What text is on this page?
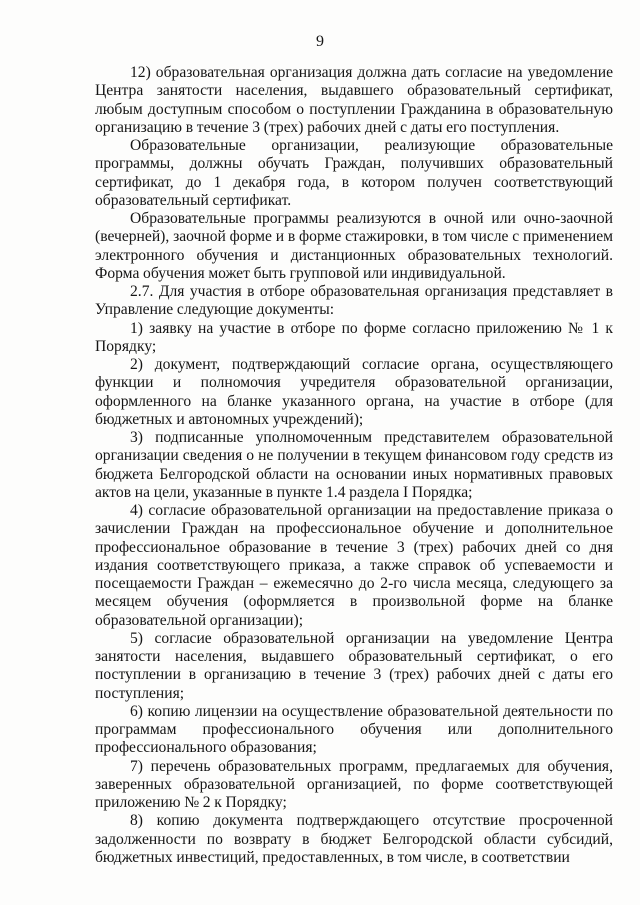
9

12) образовательная организация должна дать согласие на уведомление Центра занятости населения, выдавшего образовательный сертификат, любым доступным способом о поступлении Гражданина в образовательную организацию в течение 3 (трех) рабочих дней с даты его поступления.

Образовательные организации, реализующие образовательные программы, должны обучать Граждан, получивших образовательный сертификат, до 1 декабря года, в котором получен соответствующий образовательный сертификат.

Образовательные программы реализуются в очной или очно-заочной (вечерней), заочной форме и в форме стажировки, в том числе с применением электронного обучения и дистанционных образовательных технологий. Форма обучения может быть групповой или индивидуальной.

2.7. Для участия в отборе образовательная организация представляет в Управление следующие документы:

1) заявку на участие в отборе по форме согласно приложению № 1 к Порядку;

2) документ, подтверждающий согласие органа, осуществляющего функции и полномочия учредителя образовательной организации, оформленного на бланке указанного органа, на участие в отборе (для бюджетных и автономных учреждений);

3) подписанные уполномоченным представителем образовательной организации сведения о не получении в текущем финансовом году средств из бюджета Белгородской области на основании иных нормативных правовых актов на цели, указанные в пункте 1.4 раздела I Порядка;

4) согласие образовательной организации на предоставление приказа о зачислении Граждан на профессиональное обучение и дополнительное профессиональное образование в течение 3 (трех) рабочих дней со дня издания соответствующего приказа, а также справок об успеваемости и посещаемости Граждан – ежемесячно до 2-го числа месяца, следующего за месяцем обучения (оформляется в произвольной форме на бланке образовательной организации);

5) согласие образовательной организации на уведомление Центра занятости населения, выдавшего образовательный сертификат, о его поступлении в организацию в течение 3 (трех) рабочих дней с даты его поступления;

6) копию лицензии на осуществление образовательной деятельности по программам профессионального обучения или дополнительного профессионального образования;

7) перечень образовательных программ, предлагаемых для обучения, заверенных образовательной организацией, по форме соответствующей приложению № 2 к Порядку;

8) копию документа подтверждающего отсутствие просроченной задолженности по возврату в бюджет Белгородской области субсидий, бюджетных инвестиций, предоставленных, в том числе, в соответствии
